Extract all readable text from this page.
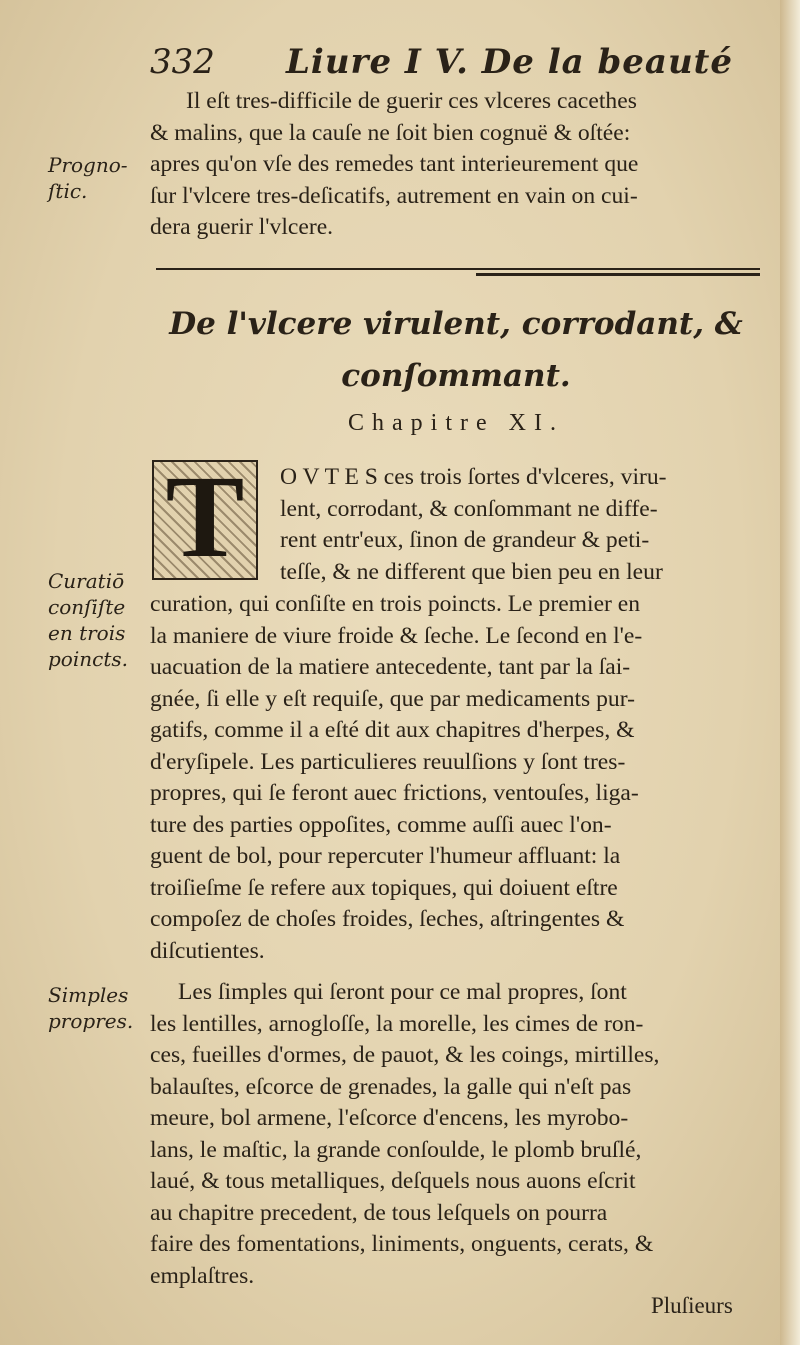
332 Liure I V. De la beauté
Il eſt tres-difficile de guerir ces vlceres cacethes
& malins, que la cauſe ne ſoit bien cognuë & oſtée:
apres qu'on vſe des remedes tant interieurement que
ſur l'vlcere tres-deſicatifs, autrement en vain on cui-
dera guerir l'vlcere.
Progno-
ſtic.
De l'vlcere virulent, corrodant, &
conſommant.
Chapitre XI.
T	O V T E S ces trois ſortes d'vlceres, viru-
lent, corrodant, & conſommant ne diffe-
rent entr'eux, ſinon de grandeur & peti-
teſſe, & ne different que bien peu en leur
Curatiō
conſiſte
en trois
poincts.
curation, qui conſiſte en trois poincts. Le premier en
la maniere de viure froide & ſeche. Le ſecond en l'e-
uacuation de la matiere antecedente, tant par la ſai-
gnée, ſi elle y eſt requiſe, que par medicaments pur-
gatifs, comme il a eſté dit aux chapitres d'herpes, &
d'eryſipele. Les particulieres reuulſions y ſont tres-
propres, qui ſe feront auec frictions, ventouſes, liga-
ture des parties oppoſites, comme auſſi auec l'on-
guent de bol, pour repercuter l'humeur affluant: la
troiſieſme ſe refere aux topiques, qui doiuent eſtre
compoſez de choſes froides, ſeches, aſtringentes &
diſcutientes.
Simples
propres.
Les ſimples qui ſeront pour ce mal propres, ſont
les lentilles, arnogloſſe, la morelle, les cimes de ron-
ces, fueilles d'ormes, de pauot, & les coings, mirtilles,
balauſtes, eſcorce de grenades, la galle qui n'eſt pas
meure, bol armene, l'eſcorce d'encens, les myrobo-
lans, le maſtic, la grande conſoulde, le plomb bruſlé,
laué, & tous metalliques, deſquels nous auons eſcrit
au chapitre precedent, de tous leſquels on pourra
faire des fomentations, liniments, onguents, cerats, &
emplaſtres.
Pluſieurs
